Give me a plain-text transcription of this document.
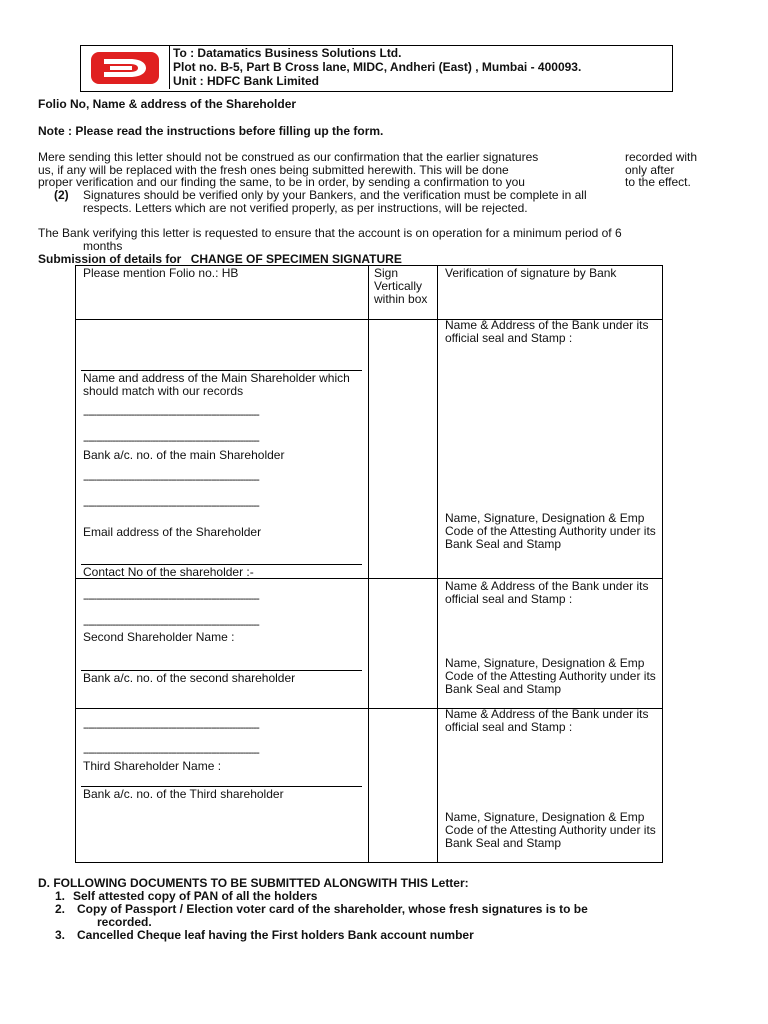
To : Datamatics Business Solutions Ltd.
Plot no. B-5, Part B Cross lane, MIDC, Andheri (East) , Mumbai - 400093.
Unit : HDFC Bank Limited
Folio No, Name & address of the Shareholder
Note : Please read the instructions before filling up the form.
Mere sending this letter should not be construed as our confirmation that the earlier signatures
us, if any will be replaced with the fresh ones being submitted herewith. This will be done
proper verification and our finding the same, to be in order, by sending a confirmation to you
recorded with
only after
to the effect.
(2) Signatures should be verified only by your Bankers, and the verification must be complete in all
respects. Letters which are not verified properly, as per instructions, will be rejected.
The Bank verifying this letter is requested to ensure that the account is on operation for a minimum period of 6
months
Submission of details for CHANGE OF SPECIMEN SIGNATURE
Please mention Folio no.: HB	Sign Vertically within box
Verification of signature by Bank
Name and address of the Main Shareholder which should match with our records
------------------------------------------------------------------
------------------------------------------------------------------
Bank a/c. no. of the main Shareholder
------------------------------------------------------------------
------------------------------------------------------------------
Email address of the Shareholder
Contact No of the shareholder :-
Name & Address of the Bank under its official seal and Stamp :
Name, Signature, Designation & Emp Code of the Attesting Authority under its Bank Seal and Stamp
------------------------------------------------------------------
------------------------------------------------------------------
Second Shareholder Name :
Bank a/c. no. of the second shareholder
Name & Address of the Bank under its official seal and Stamp :
Name, Signature, Designation & Emp Code of the Attesting Authority under its Bank Seal and Stamp
------------------------------------------------------------------
------------------------------------------------------------------
Third Shareholder Name :
Bank a/c. no. of the Third shareholder
Name & Address of the Bank under its official seal and Stamp :
Name, Signature, Designation & Emp Code of the Attesting Authority under its Bank Seal and Stamp
D. FOLLOWING DOCUMENTS TO BE SUBMITTED ALONGWITH THIS Letter:
1. Self attested copy of PAN of all the holders
2. Copy of Passport / Election voter card of the shareholder, whose fresh signatures is to be
recorded.
3. Cancelled Cheque leaf having the First holders Bank account number
